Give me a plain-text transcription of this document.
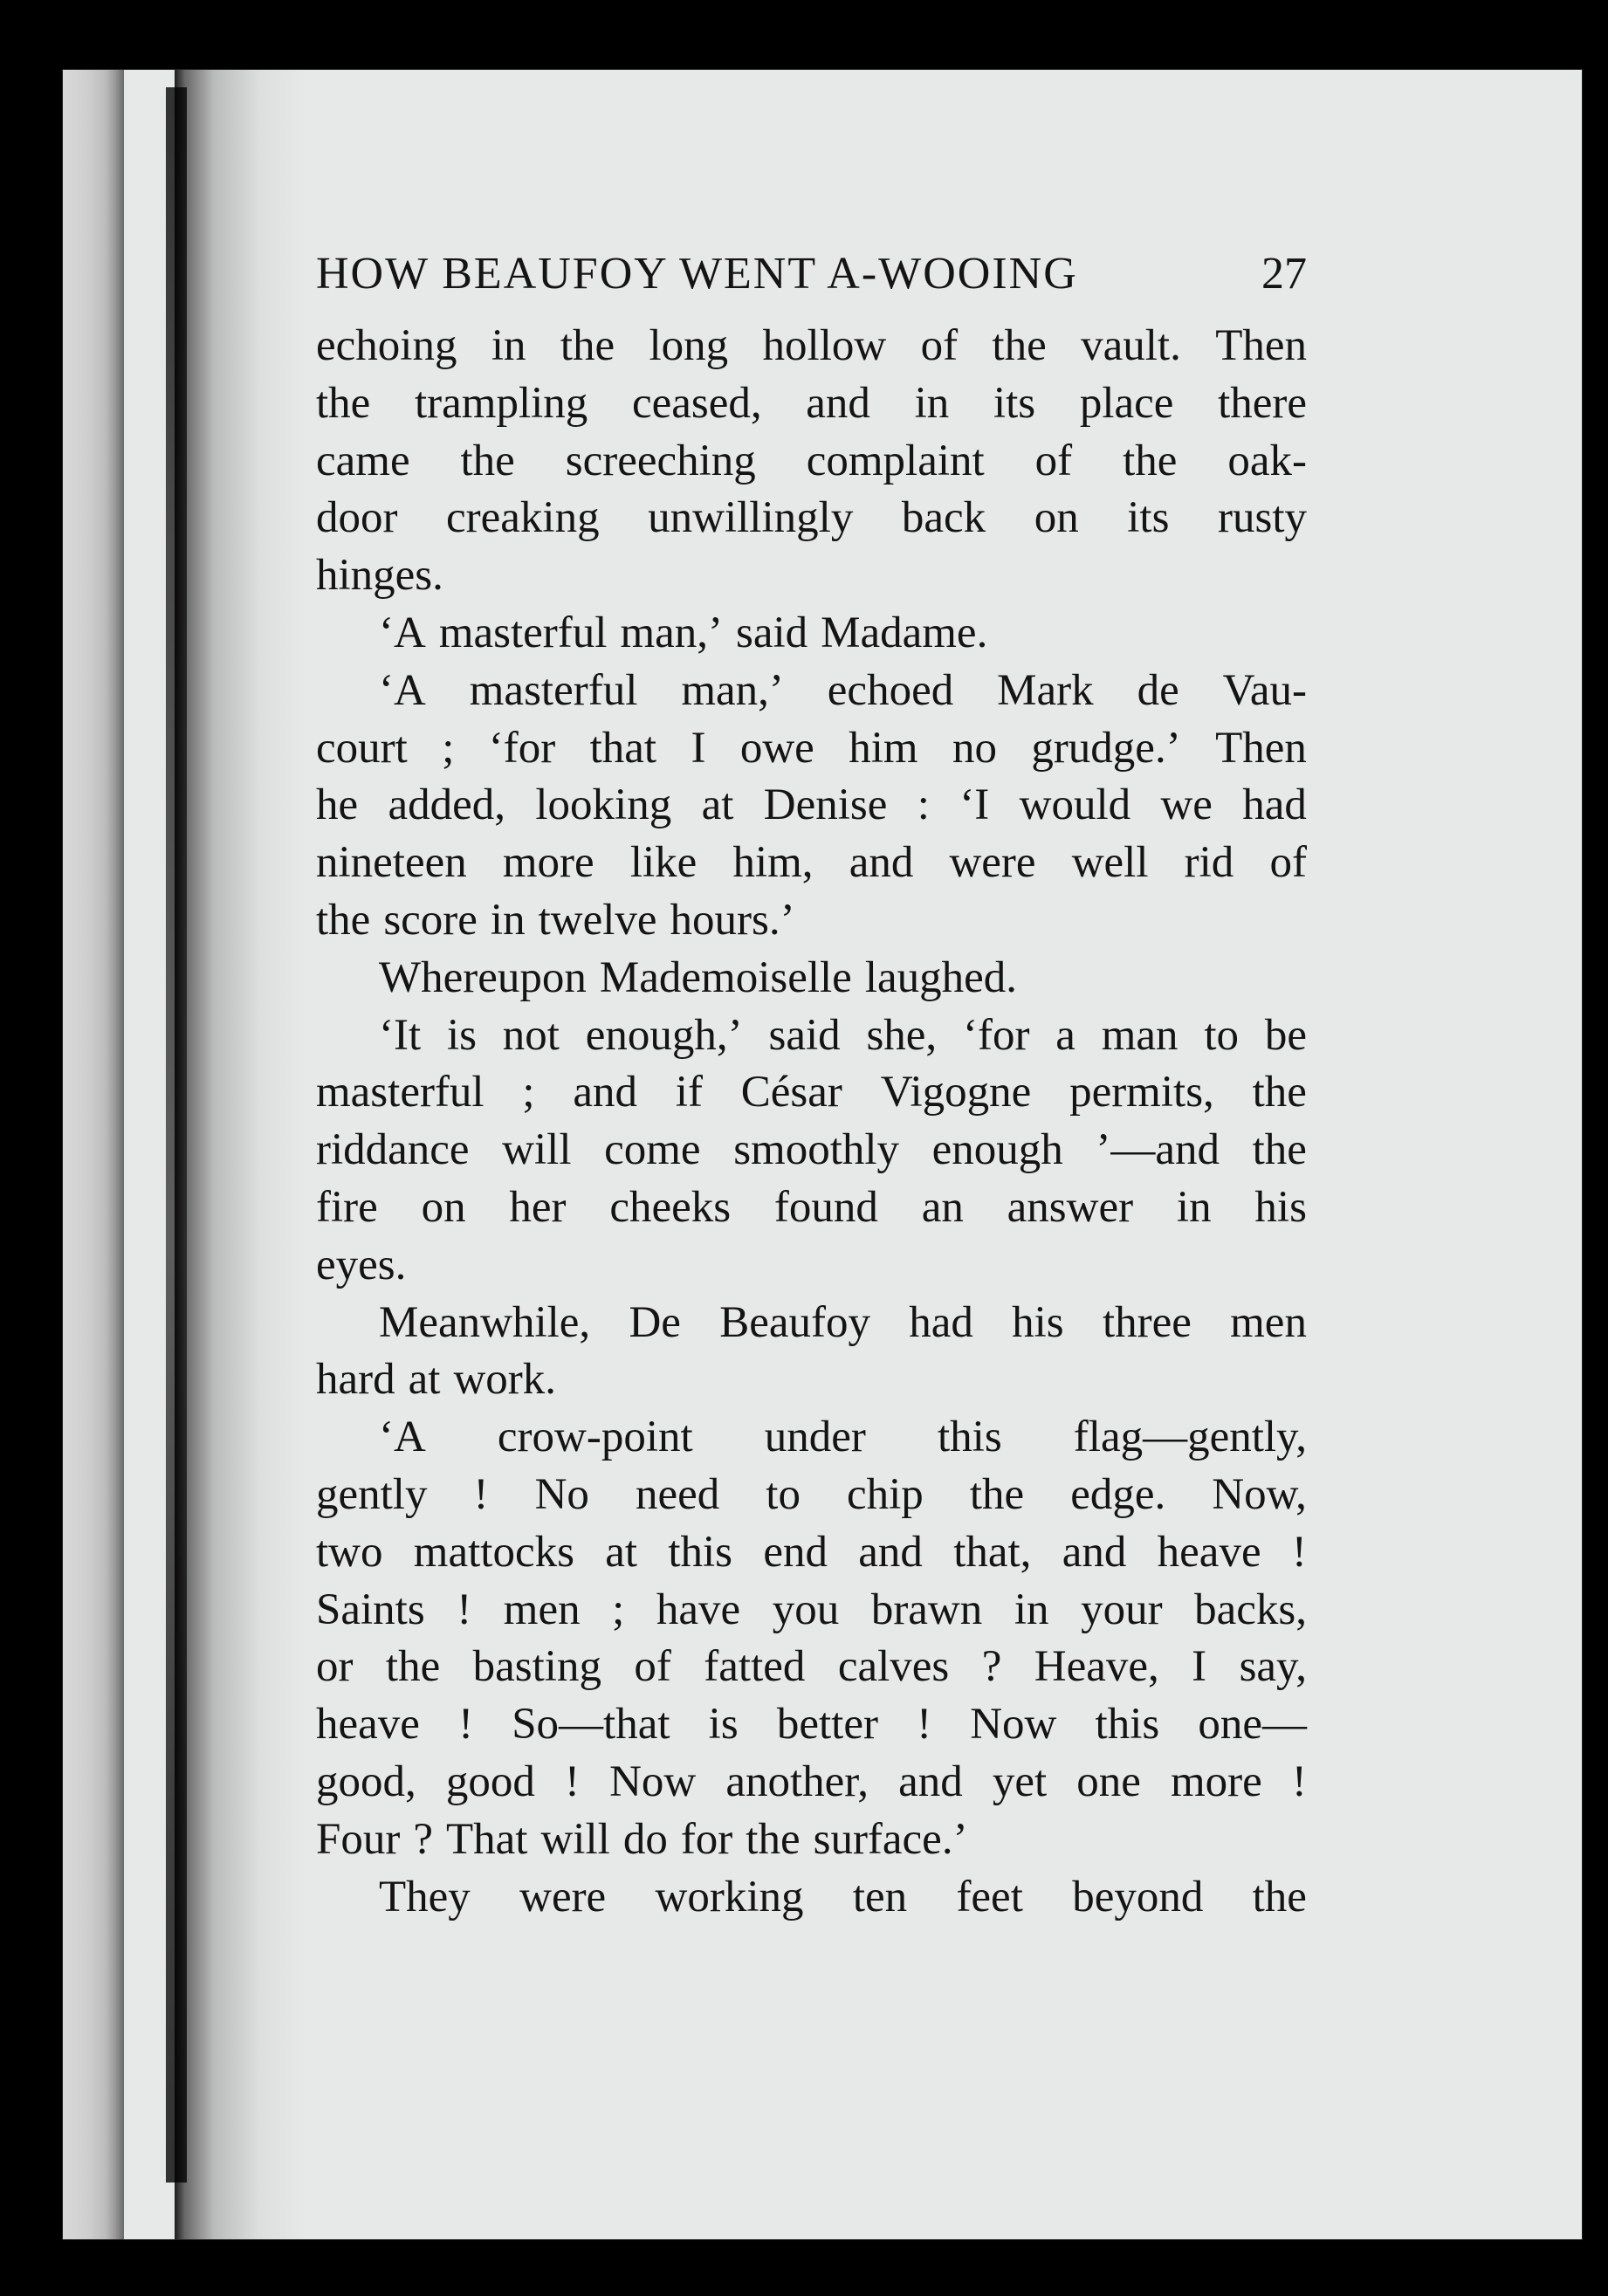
HOW BEAUFOY WENT A-WOOING	27
echoing in the long hollow of the vault. Then
the trampling ceased, and in its place there
came the screeching complaint of the oak-
door creaking unwillingly back on its rusty
hinges.
‘A masterful man,’ said Madame.
‘A masterful man,’ echoed Mark de Vau-
court ; ‘for that I owe him no grudge.’ Then
he added, looking at Denise : ‘I would we had
nineteen more like him, and were well rid of
the score in twelve hours.’
Whereupon Mademoiselle laughed.
‘It is not enough,’ said she, ‘for a man to be
masterful ; and if César Vigogne permits, the
riddance will come smoothly enough ’—and the
fire on her cheeks found an answer in his
eyes.
Meanwhile, De Beaufoy had his three men
hard at work.
‘A crow-point under this flag—gently,
gently ! No need to chip the edge. Now,
two mattocks at this end and that, and heave !
Saints ! men ; have you brawn in your backs,
or the basting of fatted calves ? Heave, I say,
heave ! So—that is better ! Now this one—
good, good ! Now another, and yet one more !
Four ? That will do for the surface.’
They were working ten feet beyond the
